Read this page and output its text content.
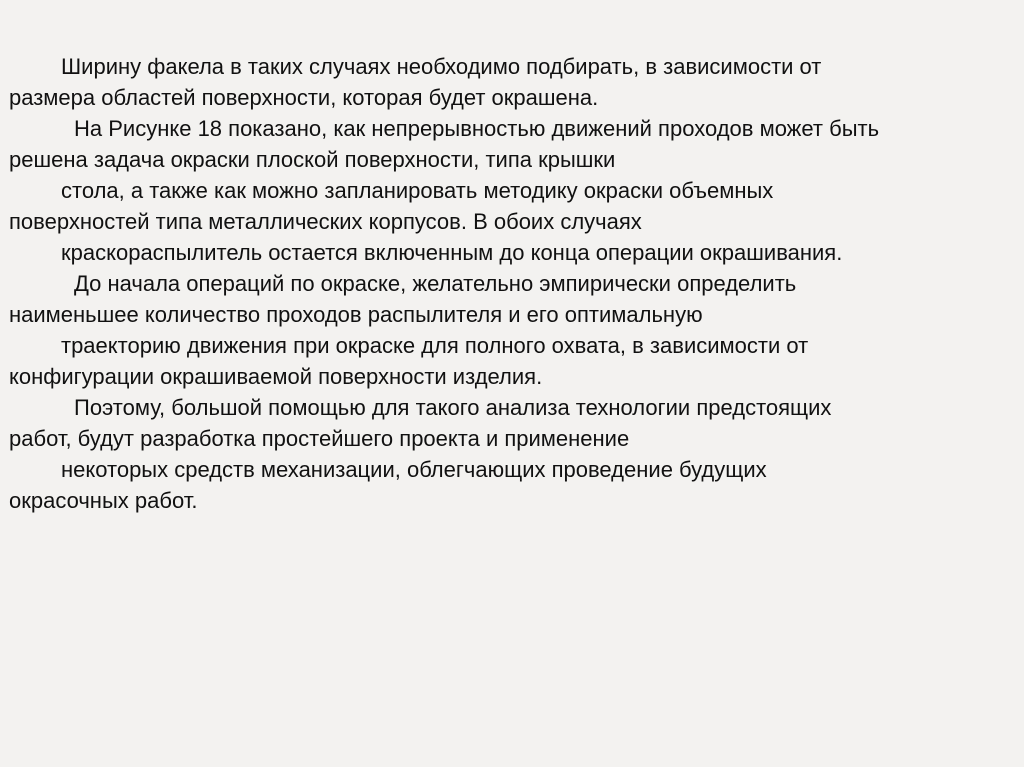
Ширину факела в таких случаях необходимо подбирать, в зависимости от
размера областей поверхности, которая будет окрашена.
На Рисунке 18 показано, как непрерывностью движений проходов может быть
решена задача окраски плоской поверхности, типа крышки
стола, а также как можно запланировать методику окраски объемных
поверхностей типа металлических корпусов. В обоих случаях
краскораспылитель остается включенным до конца операции окрашивания.
До начала операций по окраске, желательно эмпирически определить
наименьшее количество проходов распылителя и его оптимальную
траекторию движения при окраске для полного охвата, в зависимости от
конфигурации окрашиваемой поверхности изделия.
Поэтому, большой помощью для такого анализа технологии предстоящих
работ, будут разработка простейшего проекта и применение
некоторых средств механизации, облегчающих проведение будущих
окрасочных работ.
